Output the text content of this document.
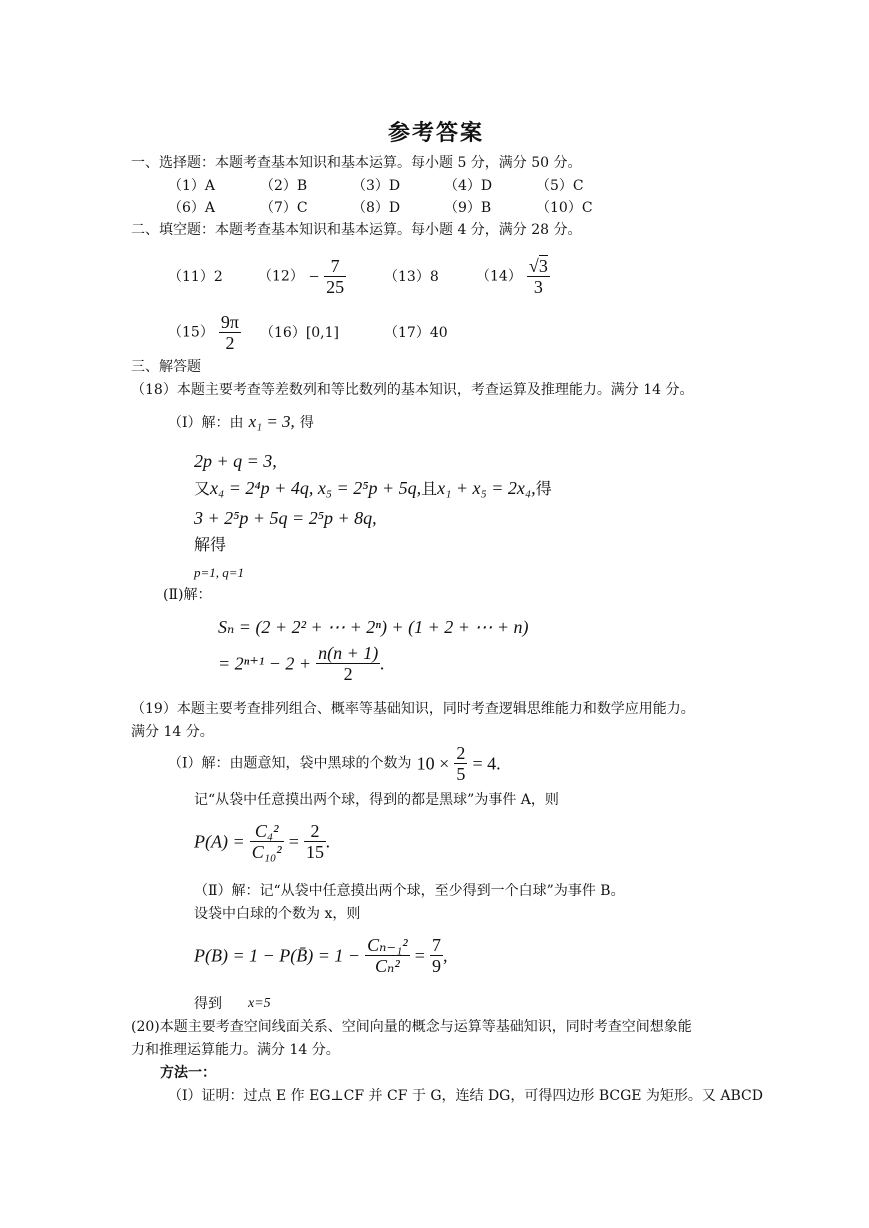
参考答案
一、选择题：本题考查基本知识和基本运算。每小题 5 分，满分 50 分。
（1）A	（2）B	（3）D	（4）D	（5）C
（6）A	（7）C	（8）D	（9）B	（10）C
二、填空题：本题考查基本知识和基本运算。每小题 4 分，满分 28 分。
（11）2	$(12) - \frac{7}{25}$	（13）8	$(14) \frac{√3}{3}$
$(15) \frac{9\pi}{2} (16)[0,1]$	（17）40
三、解答题
（18）本题主要考查等差数列和等比数列的基本知识，考查运算及推理能力。满分 14 分。
（Ⅰ）解：由 x₁ = 3, 得
2p + q = 3,
又x₄ = 2⁴p + 4q, x₅ = 2⁵p + 5q,且x₁ + x₅ = 2x₄,得
3 + 2⁵p + 5q = 2⁵p + 8q,
解得
p=1, q=1
(Ⅱ)解：
Sₙ = (2 + 2² + ⋯ + 2ⁿ) + (1 + 2 + ⋯ + n)
= $2^{n+1} - 2 + \frac{n(n + 1)}{2}$ .
（19）本题主要考查排列组合、概率等基础知识，同时考查逻辑思维能力和数学应用能力。
满分 14 分。
（Ⅰ）解：由题意知，袋中黑球的个数为 $10 \times \frac{2}{5} = 4$.
记“从袋中任意摸出两个球，得到的都是黑球”为事件 A，则
$P(A) = \frac{\text{C₄²}}{\text{C₁₀²}} = \frac{2}{15}$ .
（Ⅱ）解：记“从袋中任意摸出两个球，至少得到一个白球”为事件 B。
设袋中白球的个数为 x，则
P(B) = 1 − P(B̄) = $1 - \frac{\text{Cₙ₋₁²}}{\text{Cₙ²}} = \frac{7}{9}$ ,
得到 x=5
(20)本题主要考查空间线面关系、空间向量的概念与运算等基础知识，同时考查空间想象能
力和推理运算能力。满分 14 分。
方法一：
（Ⅰ）证明：过点 E 作 EG⊥CF 并 CF 于 G，连结 DG，可得四边形 BCGE 为矩形。又 ABCD
